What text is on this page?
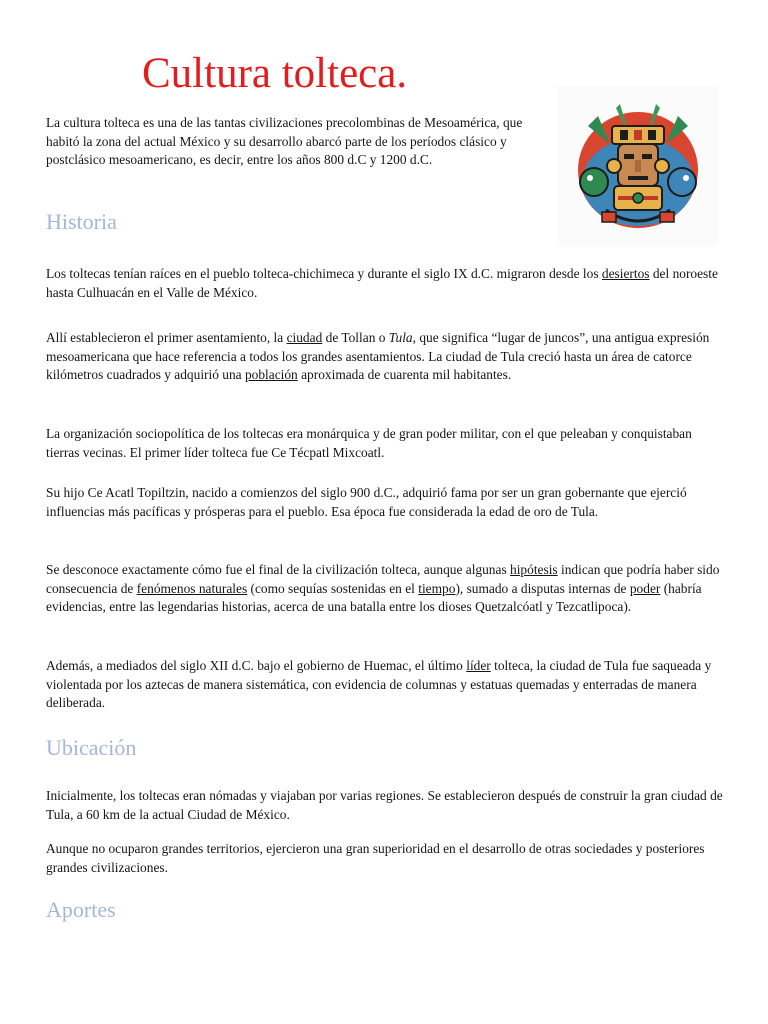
Cultura tolteca.

La cultura tolteca es una de las tantas civilizaciones precolombinas de Mesoamérica, que habitó la zona del actual México y su desarrollo abarcó parte de los períodos clásico y postclásico mesoamericano, es decir, entre los años 800 d.C y 1200 d.C.

Historia

Los toltecas tenían raíces en el pueblo tolteca-chichimeca y durante el siglo IX d.C. migraron desde los desiertos del noroeste hasta Culhuacán en el Valle de México.

Allí establecieron el primer asentamiento, la ciudad de Tollan o Tula, que significa “lugar de juncos”, una antigua expresión mesoamericana que hace referencia a todos los grandes asentamientos. La ciudad de Tula creció hasta un área de catorce kilómetros cuadrados y adquirió una población aproximada de cuarenta mil habitantes.

La organización sociopolítica de los toltecas era monárquica y de gran poder militar, con el que peleaban y conquistaban tierras vecinas. El primer líder tolteca fue Ce Técpatl Mixcoatl.

Su hijo Ce Acatl Topiltzin, nacido a comienzos del siglo 900 d.C., adquirió fama por ser un gran gobernante que ejerció influencias más pacíficas y prósperas para el pueblo. Esa época fue considerada la edad de oro de Tula.

Se desconoce exactamente cómo fue el final de la civilización tolteca, aunque algunas hipótesis indican que podría haber sido consecuencia de fenómenos naturales (como sequías sostenidas en el tiempo), sumado a disputas internas de poder (habría evidencias, entre las legendarias historias, acerca de una batalla entre los dioses Quetzalcóatl y Tezcatlipoca).

Además, a mediados del siglo XII d.C. bajo el gobierno de Huemac, el último líder tolteca, la ciudad de Tula fue saqueada y violentada por los aztecas de manera sistemática, con evidencia de columnas y estatuas quemadas y enterradas de manera deliberada.

Ubicación

Inicialmente, los toltecas eran nómadas y viajaban por varias regiones. Se establecieron después de construir la gran ciudad de Tula, a 60 km de la actual Ciudad de México.

Aunque no ocuparon grandes territorios, ejercieron una gran superioridad en el desarrollo de otras sociedades y posteriores grandes civilizaciones.

Aportes
